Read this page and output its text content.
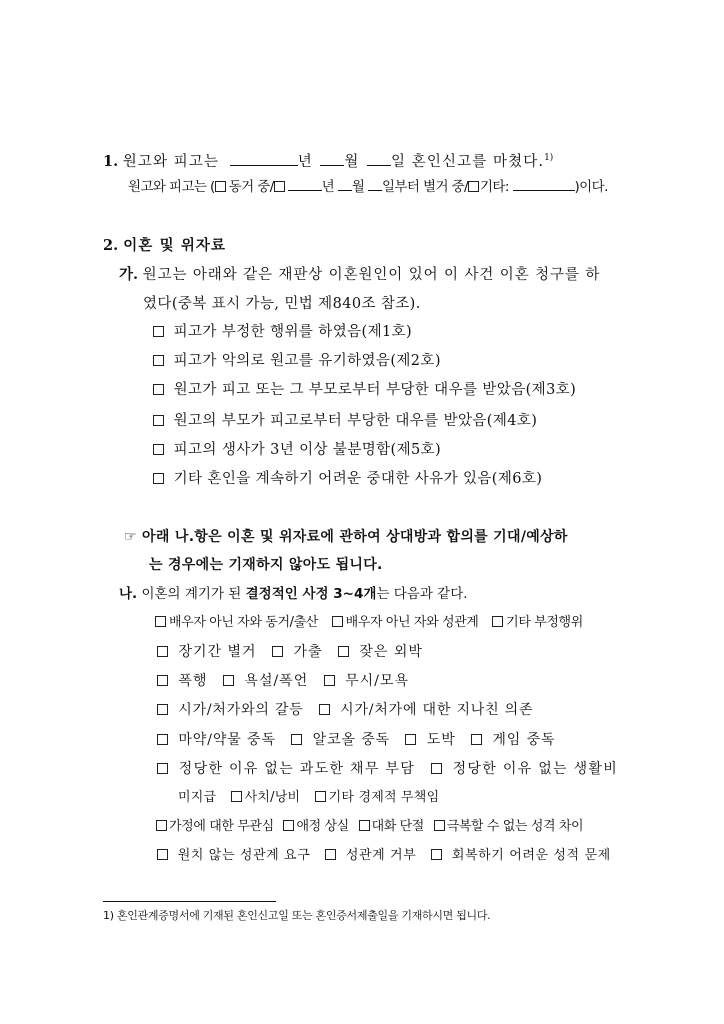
1. 원고와 피고는	년 월 일 혼인신고를 마쳤다.$^{1)}$
원고와 피고는 ( 동거 중/	년 월 일부터 별거 중/ 기타:	)이다.
2. 이혼 및 위자료
가. 원고는 아래와 같은 재판상 이혼원인이 있어 이 사건 이혼 청구를 하
였다(중복 표시 가능, 민법 제840조 참조).
피고가 부정한 행위를 하였음(제1호)
피고가 악의로 원고를 유기하였음(제2호)
원고가 피고 또는 그 부모로부터 부당한 대우를 받았음(제3호)
원고의 부모가 피고로부터 부당한 대우를 받았음(제4호)
피고의 생사가 3년 이상 불분명함(제5호)
기타 혼인을 계속하기 어려운 중대한 사유가 있음(제6호)
☞ 아래 나.항은 이혼 및 위자료에 관하여 상대방과 합의를 기대/예상하
는 경우에는 기재하지 않아도 됩니다.
나. 이혼의 계기가 된 결정적인 사정 3~4개는 다음과 같다.
배우자 아닌 자와 동거/출산 배우자 아닌 자와 성관계 기타 부정행위
장기간 별거	가출	잦은 외박
폭행	욕설/폭언	무시/모욕
시가/처가와의 갈등	시가/처가에 대한 지나친 의존
마약/약물 중독	알코올 중독	도박	게임 중독
정당한 이유 없는 과도한 채무 부담	정당한 이유 없는 생활비
미지급 사치/낭비 기타 경제적 무책임
가정에 대한 무관심 애정 상실 대화 단절 극복할 수 없는 성격 차이
원치 않는 성관계 요구	성관계 거부	회복하기 어려운 성적 문제
1) 혼인관계증명서에 기재된 혼인신고일 또는 혼인증서제출일을 기재하시면 됩니다.
